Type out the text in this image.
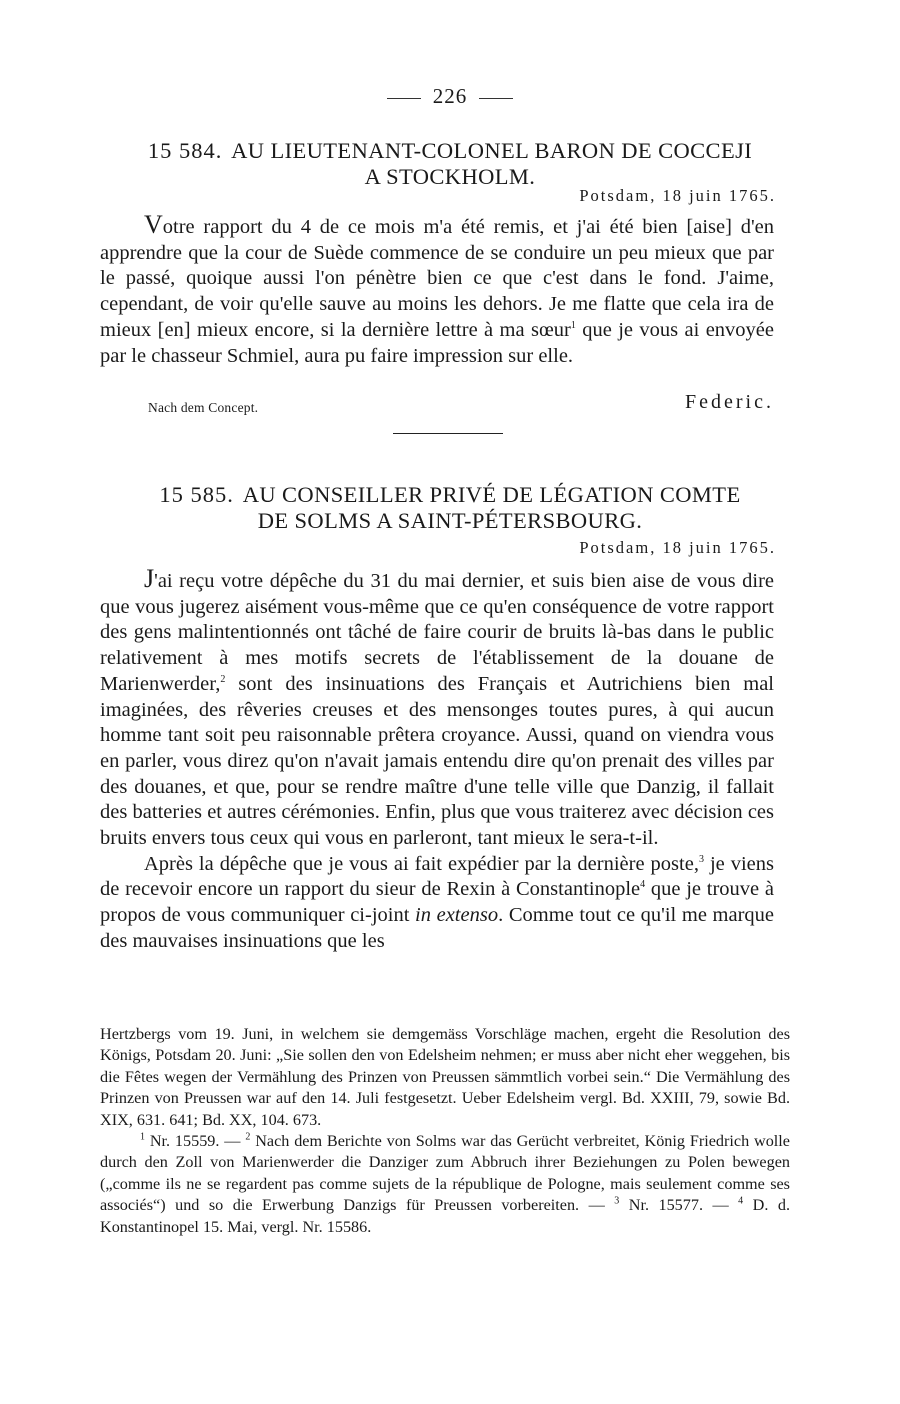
226
15 584. AU LIEUTENANT-COLONEL BARON DE COCCEJI
A STOCKHOLM.
Potsdam, 18 juin 1765.

Votre rapport du 4 de ce mois m'a été remis, et j'ai été bien [aise] d'en apprendre que la cour de Suède commence de se conduire un peu mieux que par le passé, quoique aussi l'on pénètre bien ce que c'est dans le fond. J'aime, cependant, de voir qu'elle sauve au moins les dehors. Je me flatte que cela ira de mieux [en] mieux encore, si la dernière lettre à ma sœur$^1$ que je vous ai envoyée par le chasseur Schmiel, aura pu faire impression sur elle.

Nach dem Concept.	Federic.
15 585. AU CONSEILLER PRIVÉ DE LÉGATION COMTE
DE SOLMS A SAINT-PÉTERSBOURG.
Potsdam, 18 juin 1765.

J'ai reçu votre dépêche du 31 du mai dernier, et suis bien aise de vous dire que vous jugerez aisément vous-même que ce qu'en conséquence de votre rapport des gens malintentionnés ont tâché de faire courir de bruits là-bas dans le public relativement à mes motifs secrets de l'établissement de la douane de Marienwerder,$^2$ sont des insinuations des Français et Autrichiens bien mal imaginées, des rêveries creuses et des mensonges toutes pures, à qui aucun homme tant soit peu raisonnable prêtera croyance. Aussi, quand on viendra vous en parler, vous direz qu'on n'avait jamais entendu dire qu'on prenait des villes par des douanes, et que, pour se rendre maître d'une telle ville que Danzig, il fallait des batteries et autres cérémonies. Enfin, plus que vous traiterez avec décision ces bruits envers tous ceux qui vous en parleront, tant mieux le sera-t-il.

Après la dépêche que je vous ai fait expédier par la dernière poste,$^3$ je viens de recevoir encore un rapport du sieur de Rexin à Constantinople$^4$ que je trouve à propos de vous communiquer ci-joint in extenso. Comme tout ce qu'il me marque des mauvaises insinuations que les

Hertzbergs vom 19. Juni, in welchem sie demgemäss Vorschläge machen, ergeht die Resolution des Königs, Potsdam 20. Juni: „Sie sollen den von Edelsheim nehmen; er muss aber nicht eher weggehen, bis die Fêtes wegen der Vermählung des Prinzen von Preussen sämmtlich vorbei sein.“ Die Vermählung des Prinzen von Preussen war auf den 14. Juli festgesetzt. Ueber Edelsheim vergl. Bd. XXIII, 79, sowie Bd. XIX, 631. 641; Bd. XX, 104. 673.

$^1$ Nr. 15559. — $^2$ Nach dem Berichte von Solms war das Gerücht verbreitet, König Friedrich wolle durch den Zoll von Marienwerder die Danziger zum Abbruch ihrer Beziehungen zu Polen bewegen („comme ils ne se regardent pas comme sujets de la république de Pologne, mais seulement comme ses associés“) und so die Erwerbung Danzigs für Preussen vorbereiten. — $^3$ Nr. 15577. — $^4$ D. d. Konstantinopel 15. Mai, vergl. Nr. 15586.
